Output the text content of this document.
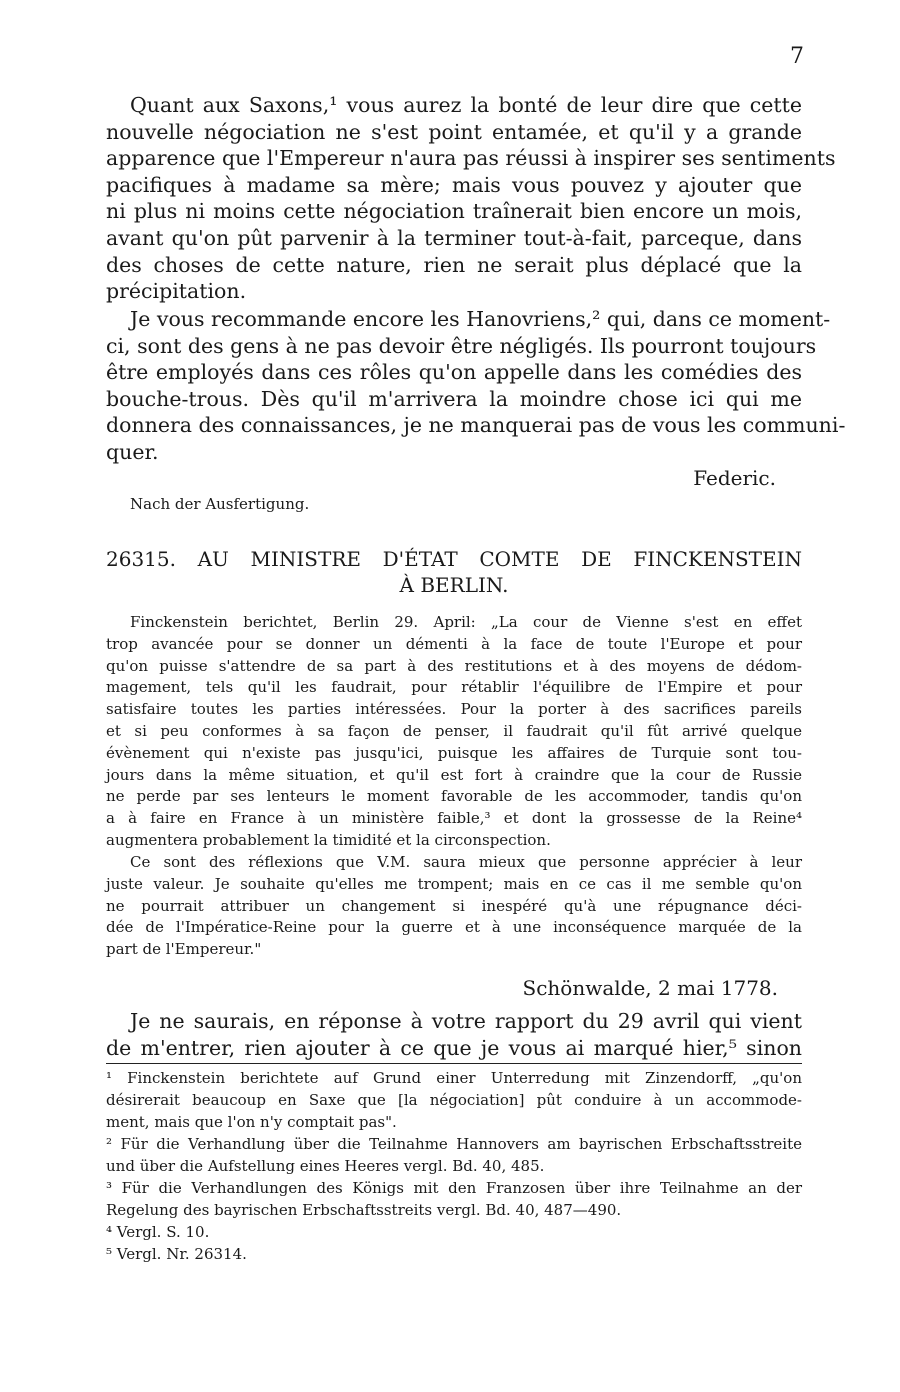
7

Quant aux Saxons,¹ vous aurez la bonté de leur dire que cette
nouvelle négociation ne s'est point entamée, et qu'il y a grande
apparence que l'Empereur n'aura pas réussi à inspirer ses sentiments
pacifiques à madame sa mère; mais vous pouvez y ajouter que
ni plus ni moins cette négociation traînerait bien encore un mois,
avant qu'on pût parvenir à la terminer tout-à-fait, parceque, dans
des choses de cette nature, rien ne serait plus déplacé que la
précipitation.

Je vous recommande encore les Hanovriens,² qui, dans ce moment-
ci, sont des gens à ne pas devoir être négligés. Ils pourront toujours
être employés dans ces rôles qu'on appelle dans les comédies des
bouche-trous. Dès qu'il m'arrivera la moindre chose ici qui me
donnera des connaissances, je ne manquerai pas de vous les communi-
quer.

Federic.
Nach der Ausfertigung.
26315. AU MINISTRE D'ÉTAT COMTE DE FINCKENSTEIN
À BERLIN.

Finckenstein berichtet, Berlin 29. April: „La cour de Vienne s'est en effet
trop avancée pour se donner un démenti à la face de toute l'Europe et pour
qu'on puisse s'attendre de sa part à des restitutions et à des moyens de dédom-
magement, tels qu'il les faudrait, pour rétablir l'équilibre de l'Empire et pour
satisfaire toutes les parties intéressées. Pour la porter à des sacrifices pareils
et si peu conformes à sa façon de penser, il faudrait qu'il fût arrivé quelque
évènement qui n'existe pas jusqu'ici, puisque les affaires de Turquie sont tou-
jours dans la même situation, et qu'il est fort à craindre que la cour de Russie
ne perde par ses lenteurs le moment favorable de les accommoder, tandis qu'on
a à faire en France à un ministère faible,³ et dont la grossesse de la Reine⁴
augmentera probablement la timidité et la circonspection.

Ce sont des réflexions que V.M. saura mieux que personne apprécier à leur
juste valeur. Je souhaite qu'elles me trompent; mais en ce cas il me semble qu'on
ne pourrait attribuer un changement si inespéré qu'à une répugnance déci-
dée de l'Impératice-Reine pour la guerre et à une inconséquence marquée de la
part de l'Empereur."

Schönwalde, 2 mai 1778.

Je ne saurais, en réponse à votre rapport du 29 avril qui vient
de m'entrer, rien ajouter à ce que je vous ai marqué hier,⁵ sinon

¹ Finckenstein berichtete auf Grund einer Unterredung mit Zinzendorff, „qu'on
désirerait beaucoup en Saxe que [la négociation] pût conduire à un accommode-
ment, mais que l'on n'y comptait pas".
² Für die Verhandlung über die Teilnahme Hannovers am bayrischen Erbschaftsstreite
und über die Aufstellung eines Heeres vergl. Bd. 40, 485.
³ Für die Verhandlungen des Königs mit den Franzosen über ihre Teilnahme an der
Regelung des bayrischen Erbschaftsstreits vergl. Bd. 40, 487—490.
⁴ Vergl. S. 10.
⁵ Vergl. Nr. 26314.
